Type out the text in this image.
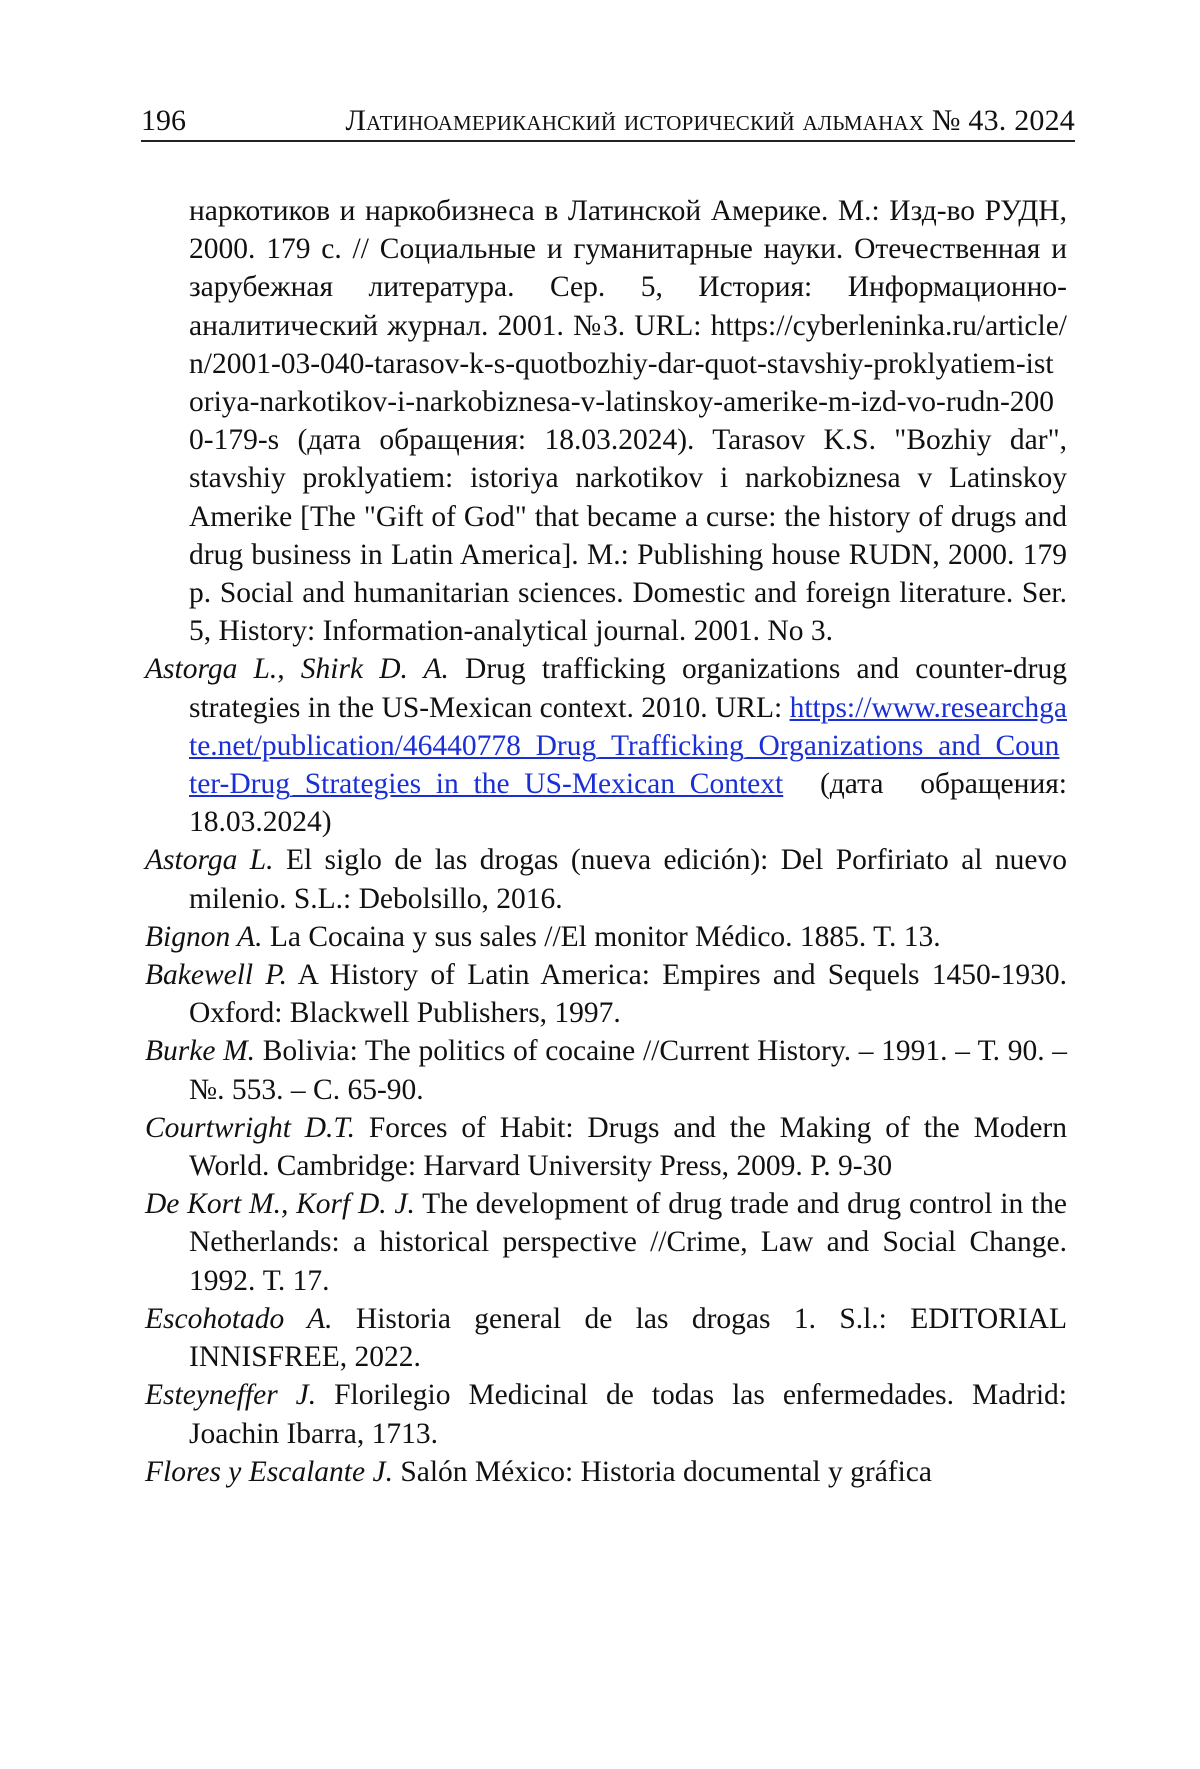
196	Латиноамериканский исторический альманах № 43. 2024

наркотиков и наркобизнеса в Латинской Америке. М.: Изд-во РУДН, 2000. 179 с. // Социальные и гуманитарные науки. Отечественная и зарубежная литература. Сер. 5, История: Информационно-аналитический журнал. 2001. №3. URL: https://cyberleninka.ru/article/n/2001-03-040-tarasov-k-s-quotbozhiy-dar-quot-stavshiy-proklyatiem-istoriya-narkotikov-i-narkobiznesa-v-latinskoy-amerike-m-izd-vo-rudn-2000-179-s (дата обращения: 18.03.2024). Tarasov K.S. "Bozhiy dar", stavshiy proklyatiem: istoriya narkotikov i narkobiznesa v Latinskoy Amerike [The "Gift of God" that became a curse: the history of drugs and drug business in Latin America]. M.: Publishing house RUDN, 2000. 179 p. Social and humanitarian sciences. Domestic and foreign literature. Ser. 5, History: Information-analytical journal. 2001. No 3.

Astorga L., Shirk D. A. Drug trafficking organizations and counter-drug strategies in the US-Mexican context. 2010. URL: https://www.researchgate.net/publication/46440778_Drug_Trafficking_Organizations_and_Counter-Drug_Strategies_in_the_US-Mexican_Context (дата обращения: 18.03.2024)

Astorga L. El siglo de las drogas (nueva edición): Del Porfiriato al nuevo milenio. S.L.: Debolsillo, 2016.

Bignon A. La Cocaina y sus sales //El monitor Médico. 1885. T. 13.

Bakewell P. A History of Latin America: Empires and Sequels 1450-1930. Oxford: Blackwell Publishers, 1997.

Burke M. Bolivia: The politics of cocaine //Current History. – 1991. – Т. 90. – №. 553. – С. 65-90.

Courtwright D.T. Forces of Habit: Drugs and the Making of the Modern World. Cambridge: Harvard University Press, 2009. P. 9-30

De Kort M., Korf D. J. The development of drug trade and drug control in the Netherlands: a historical perspective //Crime, Law and Social Change. 1992. Т. 17.

Escohotado A. Historia general de las drogas 1. S.l.: EDITORIAL INNISFREE, 2022.

Esteyneffer J. Florilegio Medicinal de todas las enfermedades. Madrid: Joachin Ibarra, 1713.

Flores y Escalante J. Salón México: Historia documental y gráfica
